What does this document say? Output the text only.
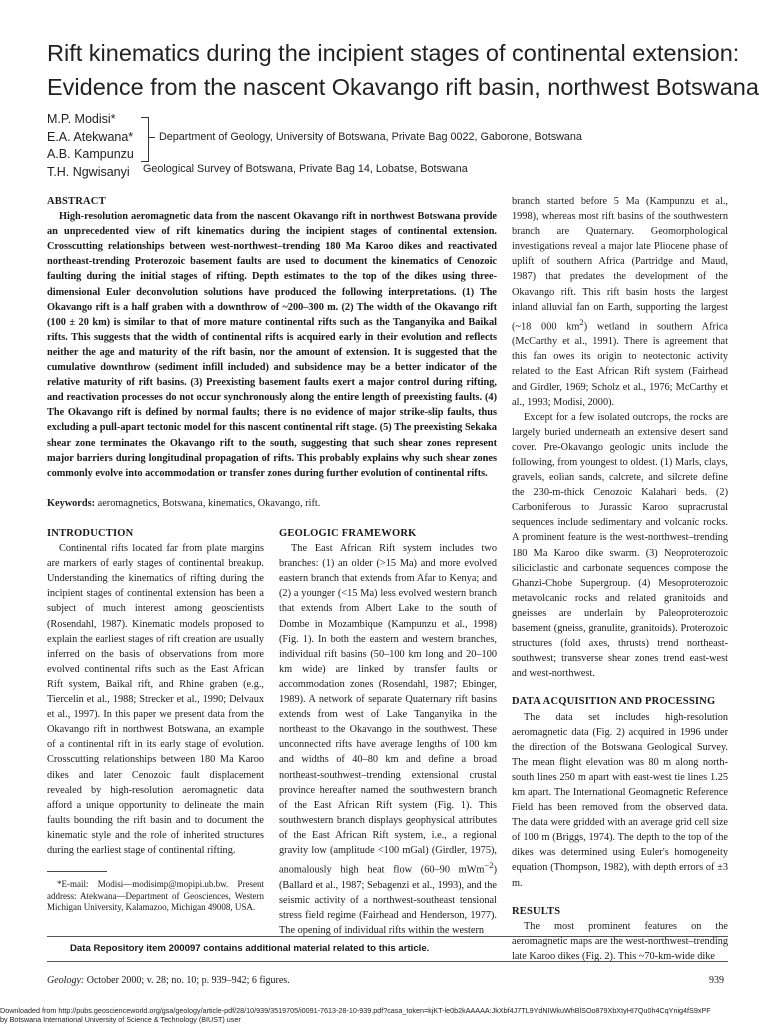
Rift kinematics during the incipient stages of continental extension:
Evidence from the nascent Okavango rift basin, northwest Botswana
M.P. Modisi*
E.A. Atekwana*
A.B. Kampunzu
T.H. Ngwisanyi
Department of Geology, University of Botswana, Private Bag 0022, Gaborone, Botswana
Geological Survey of Botswana, Private Bag 14, Lobatse, Botswana
ABSTRACT

High-resolution aeromagnetic data from the nascent Okavango rift in northwest Botswana provide an unprecedented view of rift kinematics during the incipient stages of continental extension. Crosscutting relationships between west-northwest–trending 180 Ma Karoo dikes and reactivated northeast-trending Proterozoic basement faults are used to document the kinematics of Cenozoic faulting during the initial stages of rifting. Depth estimates to the top of the dikes using three-dimensional Euler deconvolution solutions have produced the following interpretations. (1) The Okavango rift is a half graben with a downthrow of ~200–300 m. (2) The width of the Okavango rift (100 ± 20 km) is similar to that of more mature continental rifts such as the Tanganyika and Baikal rifts. This suggests that the width of continental rifts is acquired early in their evolution and reflects neither the age and maturity of the rift basin, nor the amount of extension. It is suggested that the cumulative downthrow (sediment infill included) and subsidence may be a better indicator of the relative maturity of rift basins. (3) Preexisting basement faults exert a major control during rifting, and reactivation processes do not occur synchronously along the entire length of preexisting faults. (4) The Okavango rift is defined by normal faults; there is no evidence of major strike-slip faults, thus excluding a pull-apart tectonic model for this nascent continental rift stage. (5) The preexisting Sekaka shear zone terminates the Okavango rift to the south, suggesting that such shear zones represent major barriers during longitudinal propagation of rifts. This probably explains why such shear zones commonly evolve into accommodation or transfer zones during further evolution of continental rifts.

Keywords: aeromagnetics, Botswana, kinematics, Okavango, rift.
INTRODUCTION

Continental rifts located far from plate margins are markers of early stages of continental breakup. Understanding the kinematics of rifting during the incipient stages of continental extension has been a subject of much interest among geoscientists (Rosendahl, 1987). Kinematic models proposed to explain the earliest stages of rift creation are usually inferred on the basis of observations from more evolved continental rifts such as the East African Rift system, Baikal rift, and Rhine graben (e.g., Tiercelin et al., 1988; Strecker et al., 1990; Delvaux et al., 1997). In this paper we present data from the Okavango rift in northwest Botswana, an example of a continental rift in its early stage of evolution. Crosscutting relationships between 180 Ma Karoo dikes and later Cenozoic fault displacement revealed by high-resolution aeromagnetic data afford a unique opportunity to delineate the main faults bounding the rift basin and to document the kinematic style and the role of inherited structures during the earliest stage of continental rifting.

*E-mail: Modisi—modisimp@mopipi.ub.bw. Present address: Atekwana—Department of Geosciences, Western Michigan University, Kalamazoo, Michigan 49008, USA.
GEOLOGIC FRAMEWORK

The East African Rift system includes two branches: (1) an older (>15 Ma) and more evolved eastern branch that extends from Afar to Kenya; and (2) a younger (<15 Ma) less evolved western branch that extends from Albert Lake to the south of Dombe in Mozambique (Kampunzu et al., 1998) (Fig. 1). In both the eastern and western branches, individual rift basins (50–100 km long and 20–100 km wide) are linked by transfer faults or accommodation zones (Rosendahl, 1987; Ebinger, 1989). A network of separate Quaternary rift basins extends from west of Lake Tanganyika in the northeast to the Okavango in the southwest. These unconnected rifts have average lengths of 100 km and widths of 40–80 km and define a broad northeast-southwest–trending extensional crustal province hereafter named the southwestern branch of the East African Rift system (Fig. 1). This southwestern branch displays geophysical attributes of the East African Rift system, i.e., a regional gravity low (amplitude <100 mGal) (Girdler, 1975), anomalously high heat flow (60–90 mWm$^{-2}$) (Ballard et al., 1987; Sebagenzi et al., 1993), and the seismic activity of a northwest-southeast tensional stress field regime (Fairhead and Henderson, 1977). The opening of individual rifts within the western

branch started before 5 Ma (Kampunzu et al., 1998), whereas most rift basins of the southwestern branch are Quaternary. Geomorphological investigations reveal a major late Pliocene phase of uplift of southern Africa (Partridge and Maud, 1987) that predates the development of the Okavango rift. This rift basin hosts the largest inland alluvial fan on Earth, supporting the largest (~18 000 $km^2$) wetland in southern Africa (McCarthy et al., 1991). There is agreement that this fan owes its origin to neotectonic activity related to the East African Rift system (Fairhead and Girdler, 1969; Scholz et al., 1976; McCarthy et al., 1993; Modisi, 2000).

Except for a few isolated outcrops, the rocks are largely buried underneath an extensive desert sand cover. Pre-Okavango geologic units include the following, from youngest to oldest. (1) Marls, clays, gravels, eolian sands, calcrete, and silcrete define the 230-m-thick Cenozoic Kalahari beds. (2) Carboniferous to Jurassic Karoo supracrustal sequences include sedimentary and volcanic rocks. A prominent feature is the west-northwest–trending 180 Ma Karoo dike swarm. (3) Neoproterozoic siliciclastic and carbonate sequences compose the Ghanzi-Chobe Supergroup. (4) Mesoproterozoic metavolcanic rocks and related granitoids and gneisses are underlain by Paleoproterozoic basement (gneiss, granulite, granitoids). Proterozoic structures (fold axes, thrusts) trend northeast-southwest; transverse shear zones trend east-west and west-northwest.

DATA ACQUISITION AND PROCESSING

The data set includes high-resolution aeromagnetic data (Fig. 2) acquired in 1996 under the direction of the Botswana Geological Survey. The mean flight elevation was 80 m along north-south lines 250 m apart with east-west tie lines 1.25 km apart. The International Geomagnetic Reference Field has been removed from the observed data. The data were gridded with an average grid cell size of 100 m (Briggs, 1974). The depth to the top of the dikes was determined using Euler's homogeneity equation (Thompson, 1982), with depth errors of ±3 m.

RESULTS

The most prominent features on the aeromagnetic maps are the west-northwest–trending late Karoo dikes (Fig. 2). This ~70-km-wide dike

Data Repository item 200097 contains additional material related to this article.
Geology: October 2000; v. 28; no. 10; p. 939–942; 6 figures.	939
Downloaded from http://pubs.geoscienceworld.org/gsa/geology/article-pdf/28/10/939/3519705/i0091-7613-28-10-939.pdf?casa_token=kjKT-le0b2kAAAAA:JkXbf4J7TL9YdNIWkuWhBlSOo879XbXtyHI7Qu0h4CqYnig4fS9xPF
by Botswana International University of Science & Technology (BIUST) user
